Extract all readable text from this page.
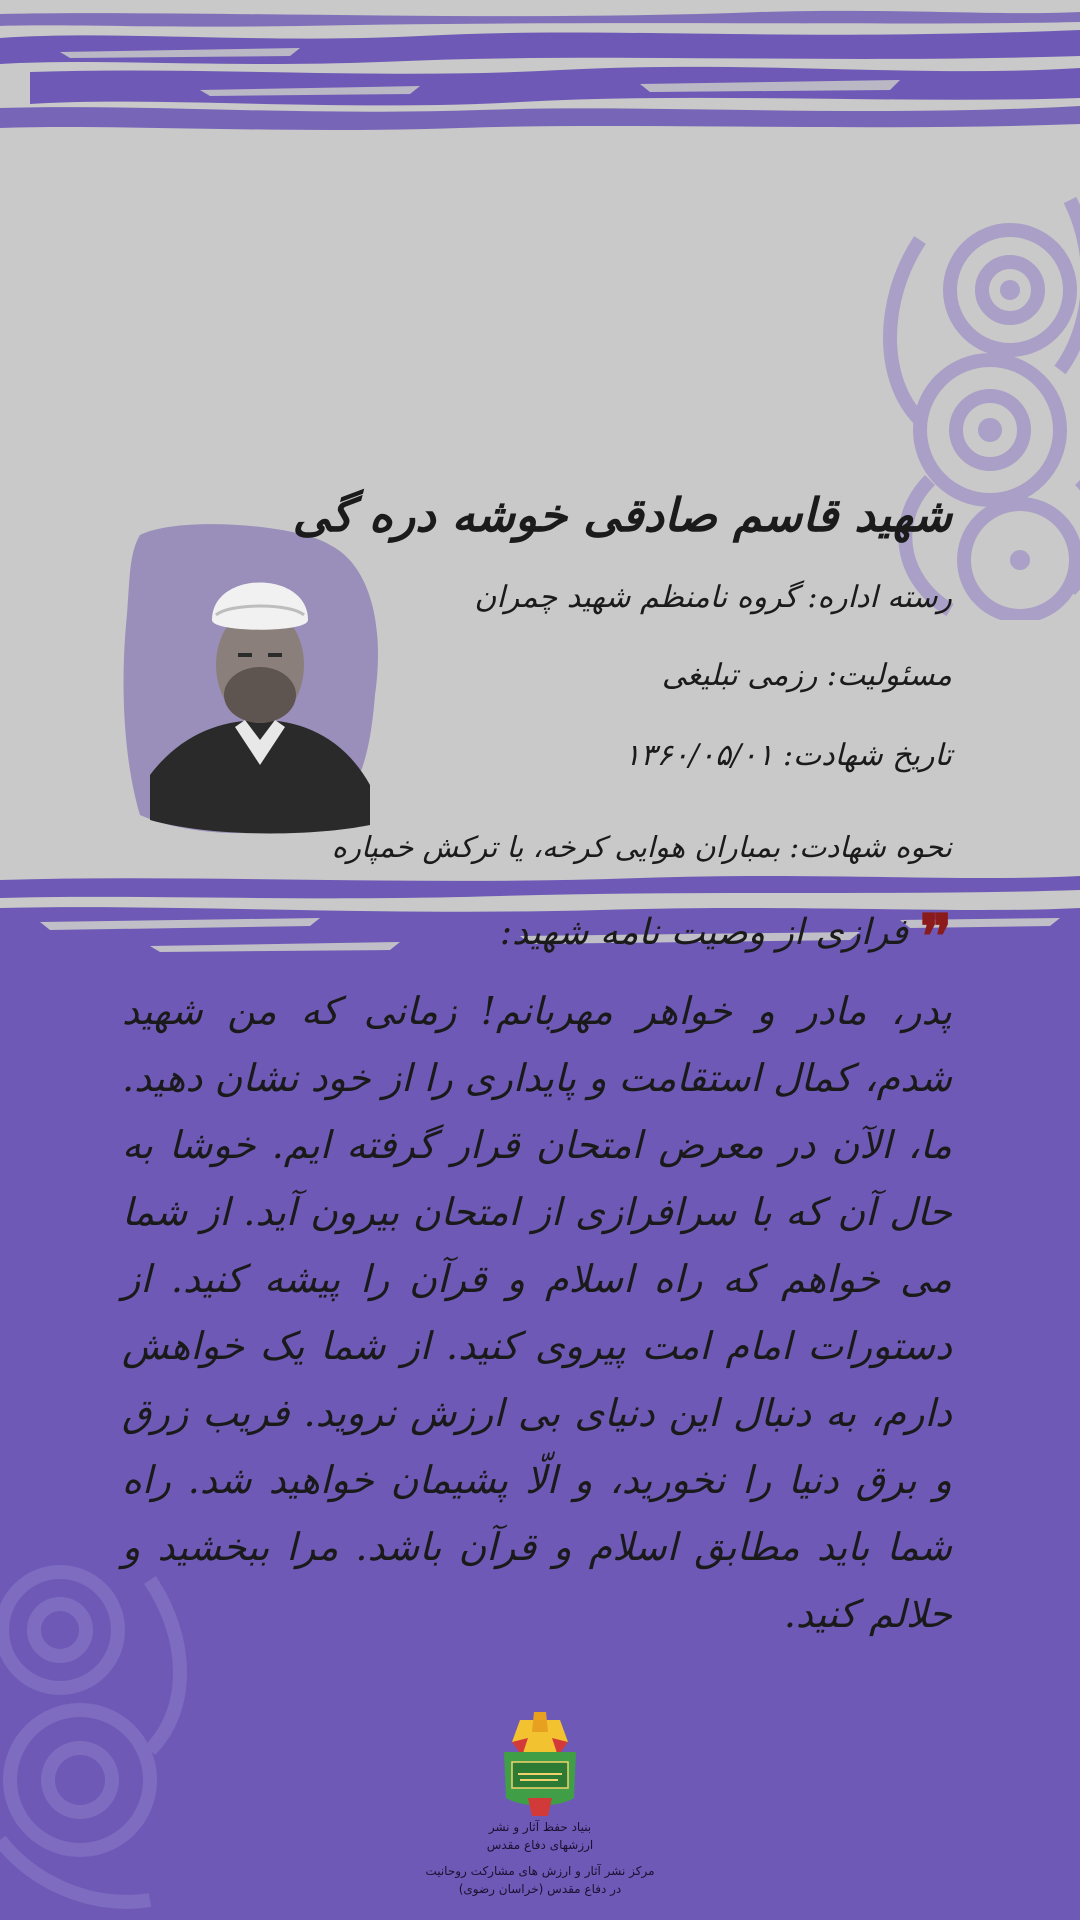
شهید قاسم صادقی خوشه دره گی
رسته اداره: گروه نامنظم شهید چمران
مسئولیت: رزمی تبلیغی
تاریخ شهادت: ۱۳۶۰/۰۵/۰۱
نحوه شهادت: بمباران هوایی کرخه، یا ترکش خمپاره
❞
فرازی از وصیت نامه شهید:
پدر، مادر و خواهر مهربانم! زمانی که من شهید شدم، کمال استقامت و پایداری را از خود نشان دهید. ما، الآن در معرض امتحان قرار گرفته ایم. خوشا به حال آن که با سرافرازی از امتحان بیرون آید. از شما می خواهم که راه اسلام و قرآن را پیشه کنید. از دستورات امام امت پیروی کنید. از شما یک خواهش دارم، به دنبال این دنیای بی ارزش نروید. فریب زرق و برق دنیا را نخورید، و الّا پشیمان خواهید شد. راه شما باید مطابق اسلام و قرآن باشد. مرا ببخشید و حلالم کنید.
بنیاد حفظ آثار و نشر
ارزشهای دفاع مقدس
مرکز نشر آثار و ارزش های مشارکت روحانیت
در دفاع مقدس (خراسان رضوی)
